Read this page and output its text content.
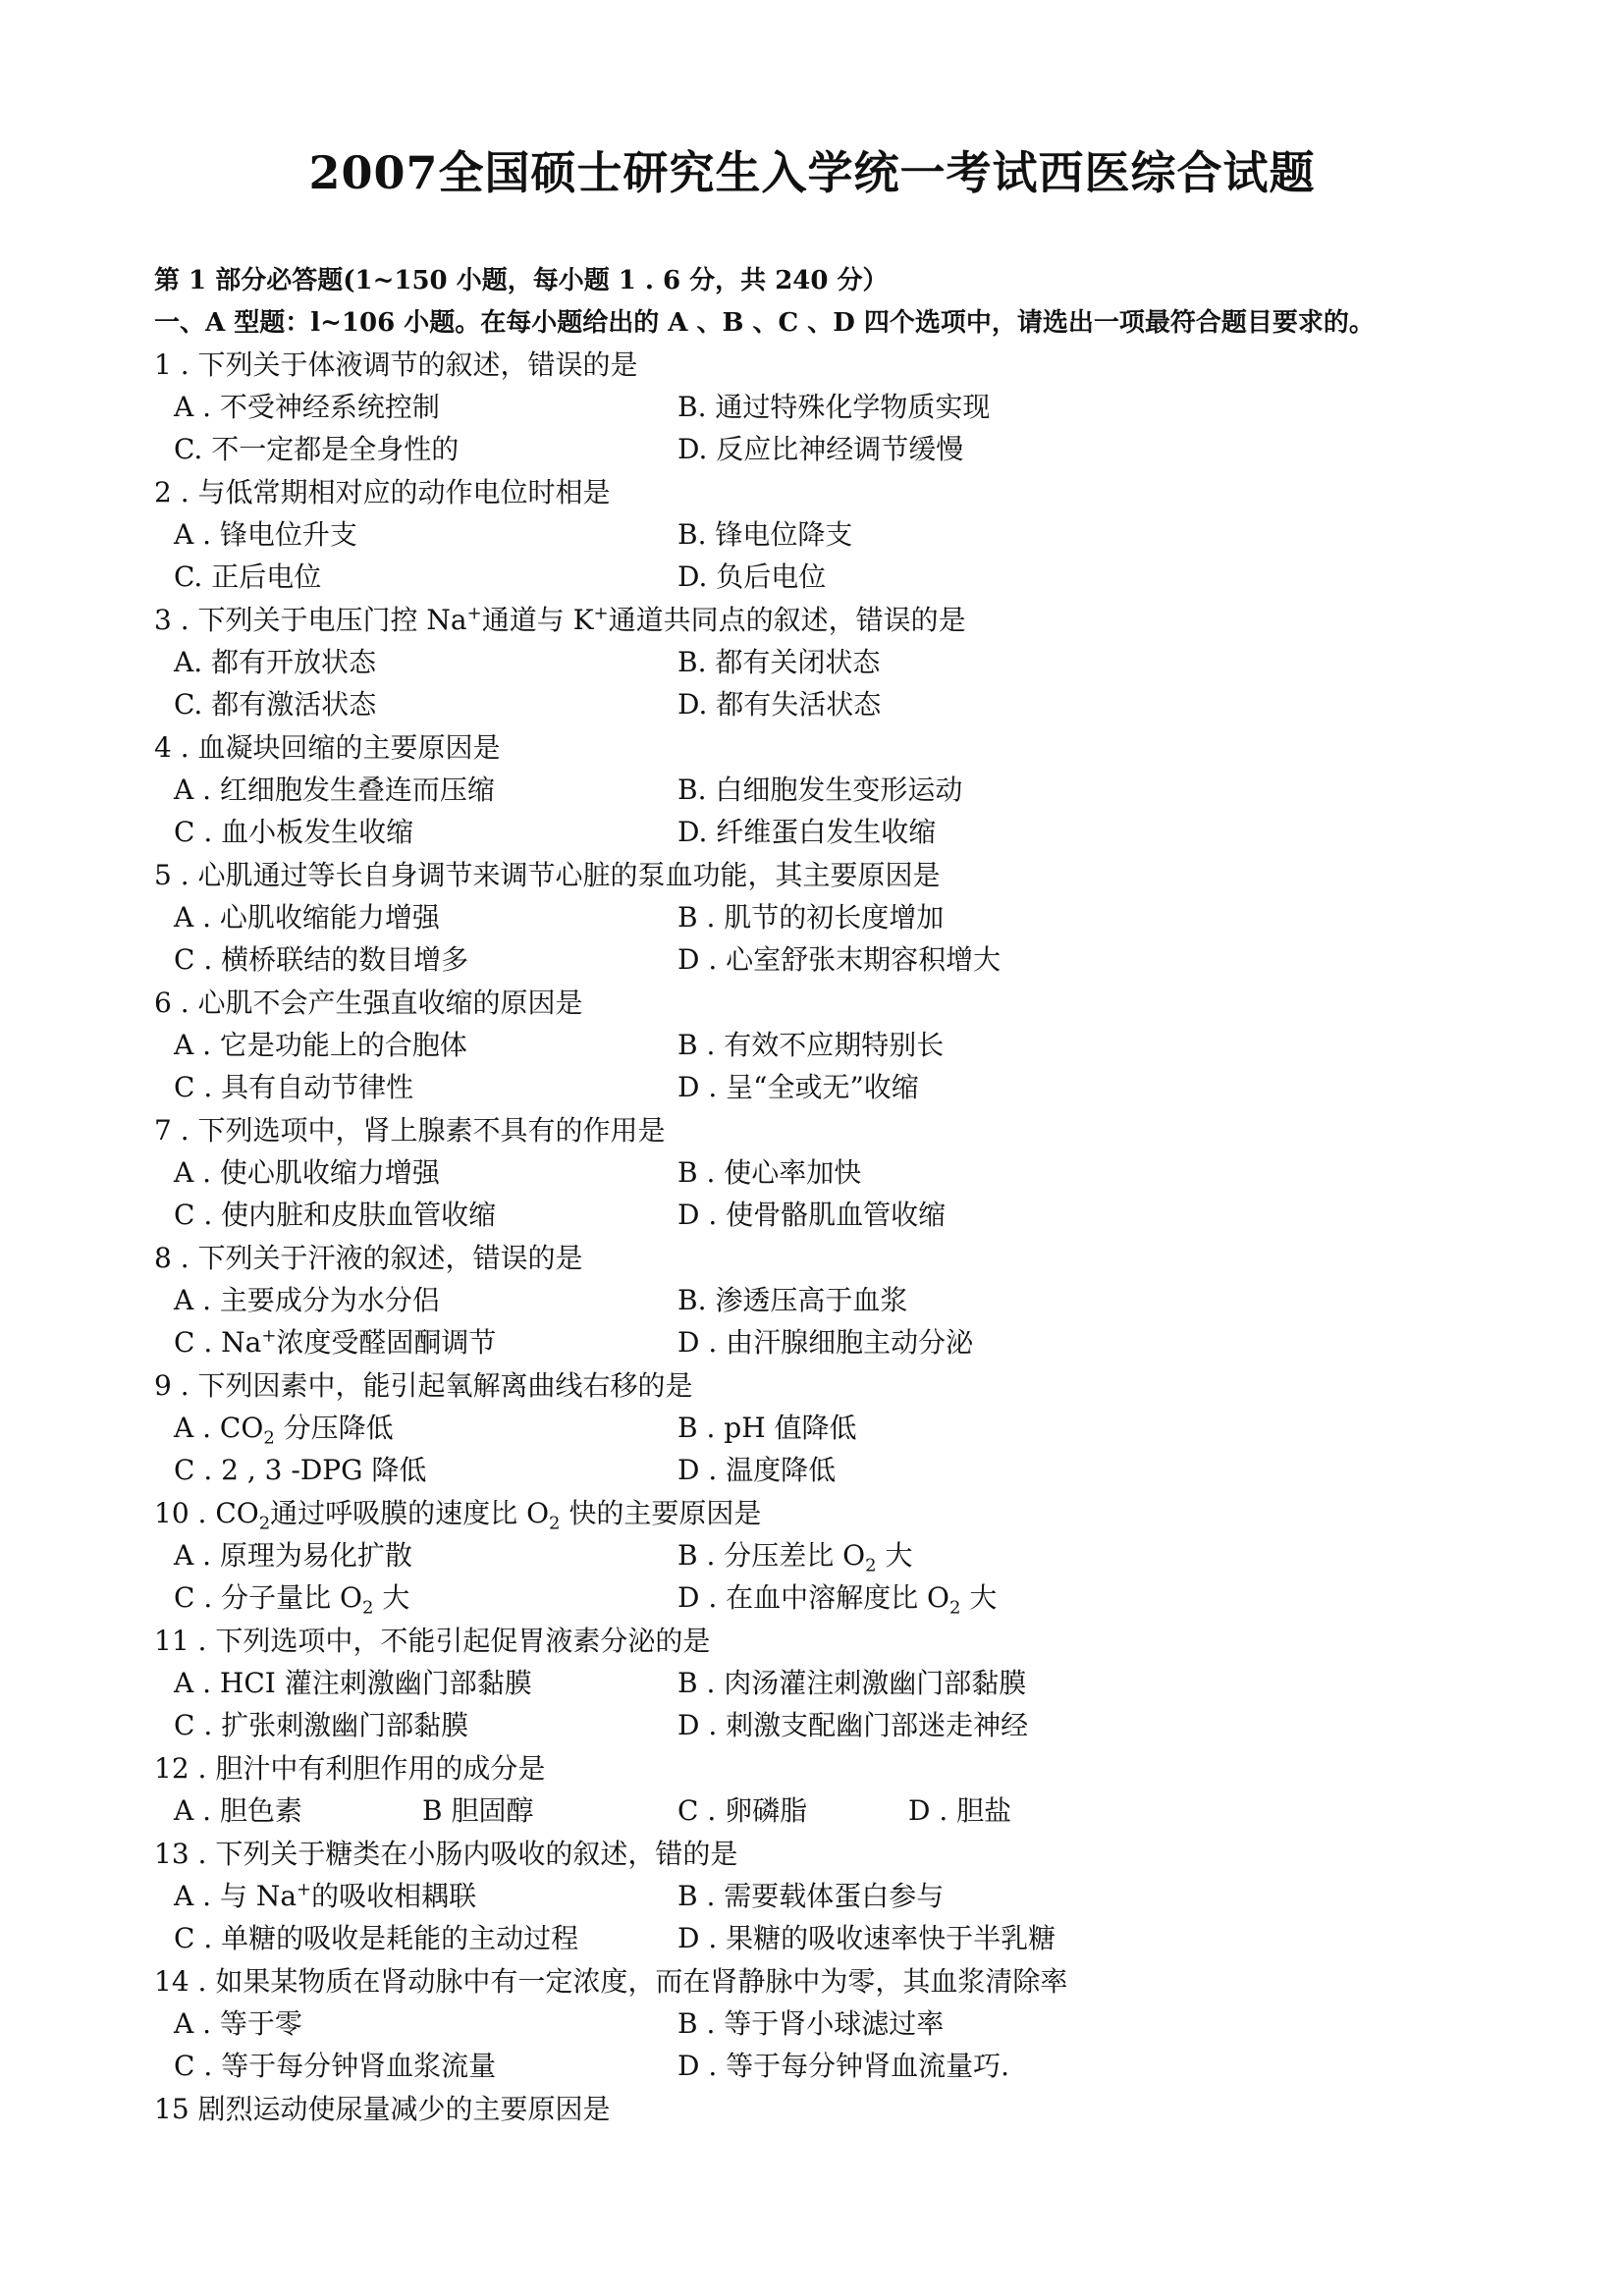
2007全国硕士研究生入学统一考试西医综合试题
第 1 部分必答题(1~150 小题，每小题 1 . 6 分，共 240 分）
一、A 型题：l~106 小题。在每小题给出的 A 、B 、C 、D 四个选项中，请选出一项最符合题目要求的。
1 . 下列关于体液调节的叙述，错误的是
A . 不受神经系统控制	B. 通过特殊化学物质实现
C. 不一定都是全身性的	D. 反应比神经调节缓慢
2 . 与低常期相对应的动作电位时相是
A . 锋电位升支	B. 锋电位降支
C. 正后电位	D. 负后电位
3 . 下列关于电压门控 Na+通道与 K+通道共同点的叙述，错误的是
A. 都有开放状态	B. 都有关闭状态
C. 都有激活状态	D. 都有失活状态
4 . 血凝块回缩的主要原因是
A . 红细胞发生叠连而压缩	B. 白细胞发生变形运动
C . 血小板发生收缩	D. 纤维蛋白发生收缩
5 . 心肌通过等长自身调节来调节心脏的泵血功能，其主要原因是
A . 心肌收缩能力增强	B . 肌节的初长度增加
C . 横桥联结的数目增多	D . 心室舒张末期容积增大
6 . 心肌不会产生强直收缩的原因是
A . 它是功能上的合胞体	B . 有效不应期特别长
C . 具有自动节律性	D . 呈“全或无”收缩
7 . 下列选项中，肾上腺素不具有的作用是
A . 使心肌收缩力增强	B . 使心率加快
C . 使内脏和皮肤血管收缩	D . 使骨骼肌血管收缩
8 . 下列关于汗液的叙述，错误的是
A . 主要成分为水分侣	B. 渗透压高于血浆
C . Na+浓度受醛固酮调节	D . 由汗腺细胞主动分泌
9 . 下列因素中，能引起氧解离曲线右移的是
A . $CO_2$ 分压降低	B . pH 值降低
C . 2 , 3 -DPG 降低	D . 温度降低
10 . $CO_2$通过呼吸膜的速度比 $O_2$ 快的主要原因是
A . 原理为易化扩散	B . 分压差比 $O_2$ 大
C . 分子量比 $O_2$ 大	D . 在血中溶解度比 $O_2$ 大
11 . 下列选项中，不能引起促胃液素分泌的是
A . HCI 灌注刺激幽门部黏膜	B . 肉汤灌注刺激幽门部黏膜
C . 扩张刺激幽门部黏膜	D . 刺激支配幽门部迷走神经
12 . 胆汁中有利胆作用的成分是
A . 胆色素	B 胆固醇	C . 卵磷脂	D . 胆盐
13 . 下列关于糖类在小肠内吸收的叙述，错的是
A . 与 Na+的吸收相耦联	B . 需要载体蛋白参与
C . 单糖的吸收是耗能的主动过程	D . 果糖的吸收速率快于半乳糖
14 . 如果某物质在肾动脉中有一定浓度，而在肾静脉中为零，其血浆清除率
A . 等于零	B . 等于肾小球滤过率
C . 等于每分钟肾血浆流量	D . 等于每分钟肾血流量巧.
15 剧烈运动使尿量减少的主要原因是
